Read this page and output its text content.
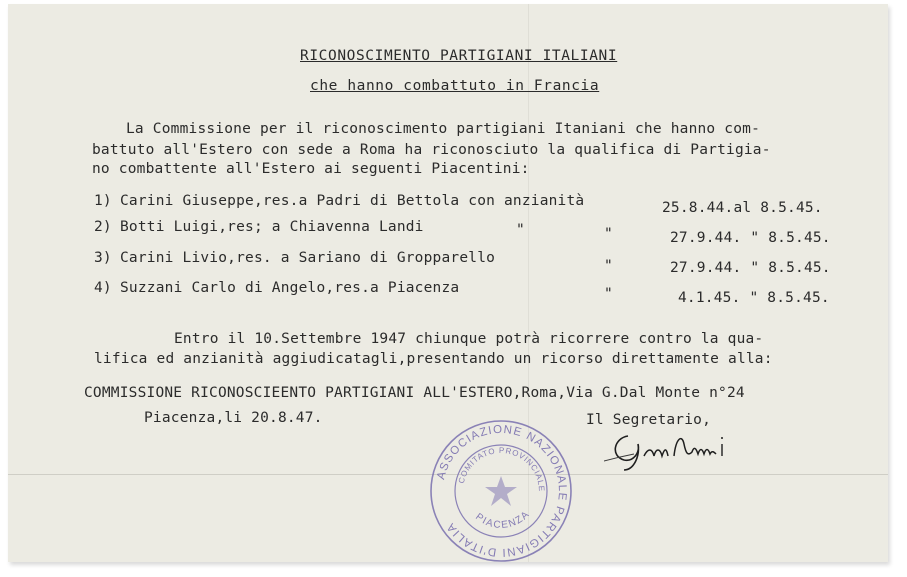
RICONOSCIMENTO PARTIGIANI ITALIANI
che hanno combattuto in Francia
La Commissione per il riconoscimento partigiani Itaniani che hanno com-
battuto all'Estero con sede a Roma ha riconosciuto la qualifica di Partigia-
no combattente all'Estero ai seguenti Piacentini:
1) Carini Giuseppe,res.a Padri di Bettola con anzianità	25.8.44.al 8.5.45.
2) Botti Luigi,res; a Chiavenna Landi	"	"	27.9.44. " 8.5.45.
3) Carini Livio,res. a Sariano di Gropparello	"	27.9.44. " 8.5.45.
4) Suzzani Carlo di Angelo,res.a Piacenza	"	4.1.45. " 8.5.45.
Entro il 10.Settembre 1947 chiunque potrà ricorrere contro la qua-
lifica ed anzianità aggiudicatagli,presentando un ricorso direttamente alla:
COMMISSIONE RICONOSCIEENTO PARTIGIANI ALL'ESTERO,Roma,Via G.Dal Monte n°24
Piacenza,li 20.8.47.	Il Segretario,
ASSOCIAZIONE NAZIONALE PARTIGIANI D'ITALIA
COMITATO PROVINCIALE
PIACENZA
